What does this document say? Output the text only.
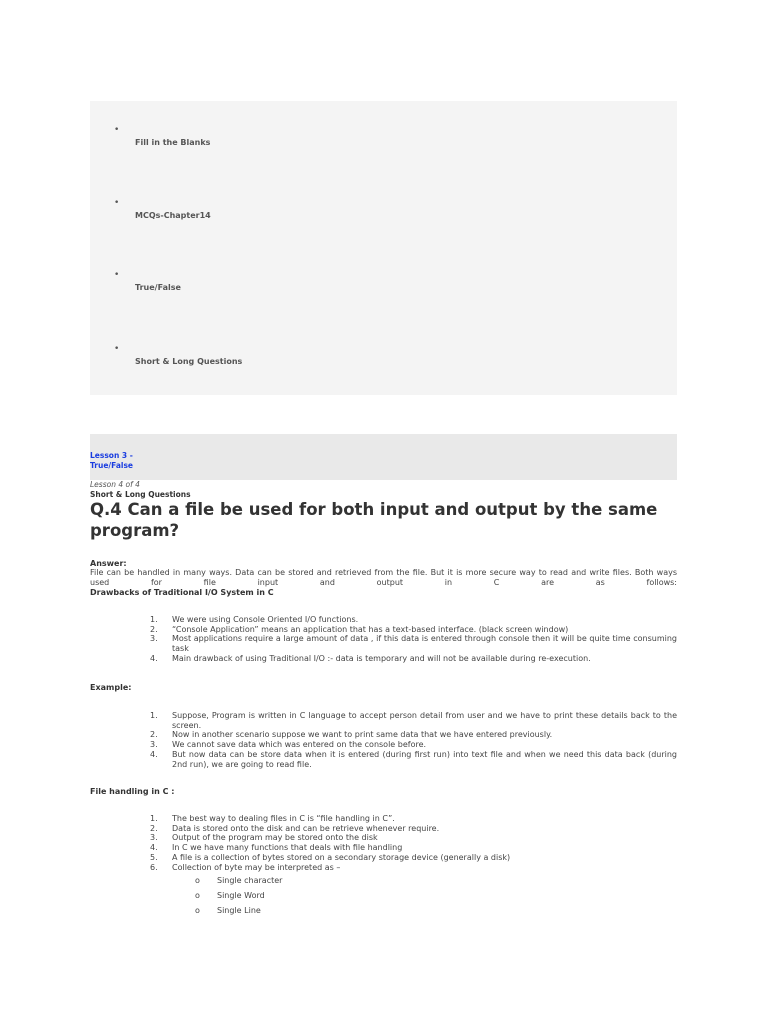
•
Fill in the Blanks
•
MCQs-Chapter14
•
True/False
•
Short & Long Questions
Lesson 3 - True/False
Lesson 4 of 4
Short & Long Questions
Q.4 Can a file be used for both input and output by the same program?
Answer:
File can be handled in many ways. Data can be stored and retrieved from the file. But it is more secure way to read and write files. Both ways used for file input and output in C are as follows:
Drawbacks of Traditional I/O System in C
1. We were using Console Oriented I/O functions.
2. “Console Application” means an application that has a text-based interface. (black screen window)
3. Most applications require a large amount of data , if this data is entered through console then it will be quite time consuming task
4. Main drawback of using Traditional I/O :- data is temporary and will not be available during re-execution.
Example:
1. Suppose, Program is written in C language to accept person detail from user and we have to print these details back to the screen.
2. Now in another scenario suppose we want to print same data that we have entered previously.
3. We cannot save data which was entered on the console before.
4. But now data can be store data when it is entered (during first run) into text file and when we need this data back (during 2nd run), we are going to read file.
File handling in C :
1. The best way to dealing files in C is “file handling in C”.
2. Data is stored onto the disk and can be retrieve whenever require.
3. Output of the program may be stored onto the disk
4. In C we have many functions that deals with file handling
5. A file is a collection of bytes stored on a secondary storage device (generally a disk)
6. Collection of byte may be interpreted as –
o Single character
o Single Word
o Single Line
